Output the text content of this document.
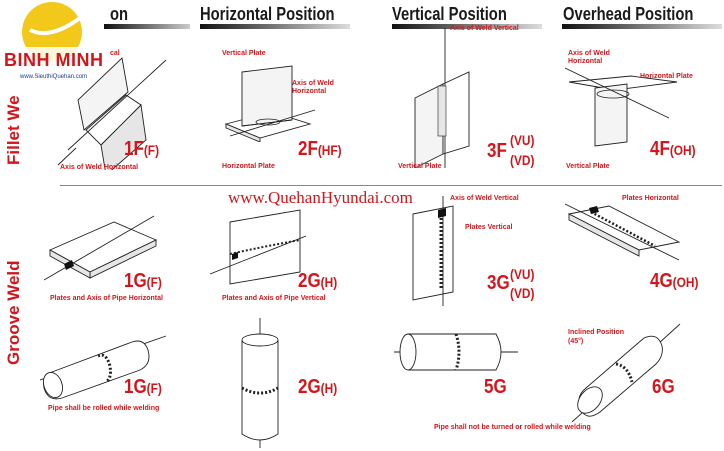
on	Horizontal Position	Vertical Position	Overhead Position
Fillet We
Groove Weld
BINH MINH
www.SieuthiQuehan.com
www.QuehanHyundai.com
cal
Axis of Weld Horizontal
1F(F)
Vertical Plate
Axis of Weld Horizontal
Horizontal Plate
2F(HF)
Axis of Weld Vertical
Vertical Plate
3F (VU)
(VD)
Axis of Weld Horizontal
Horizontal Plate
Vertical Plate
4F(OH)
Plates and Axis of Pipe Horizontal
1G(F)
Plates and Axis of Pipe Vertical
2G(H)
Axis of Weld Vertical
Plates Vertical
3G (VU)
(VD)
Plates Horizontal
4G(OH)
Pipe shall be rolled while welding
1G(F)	2G(H)	5G
Inclined Position
(45°)
6G
Pipe shall not be turned or rolled while welding
